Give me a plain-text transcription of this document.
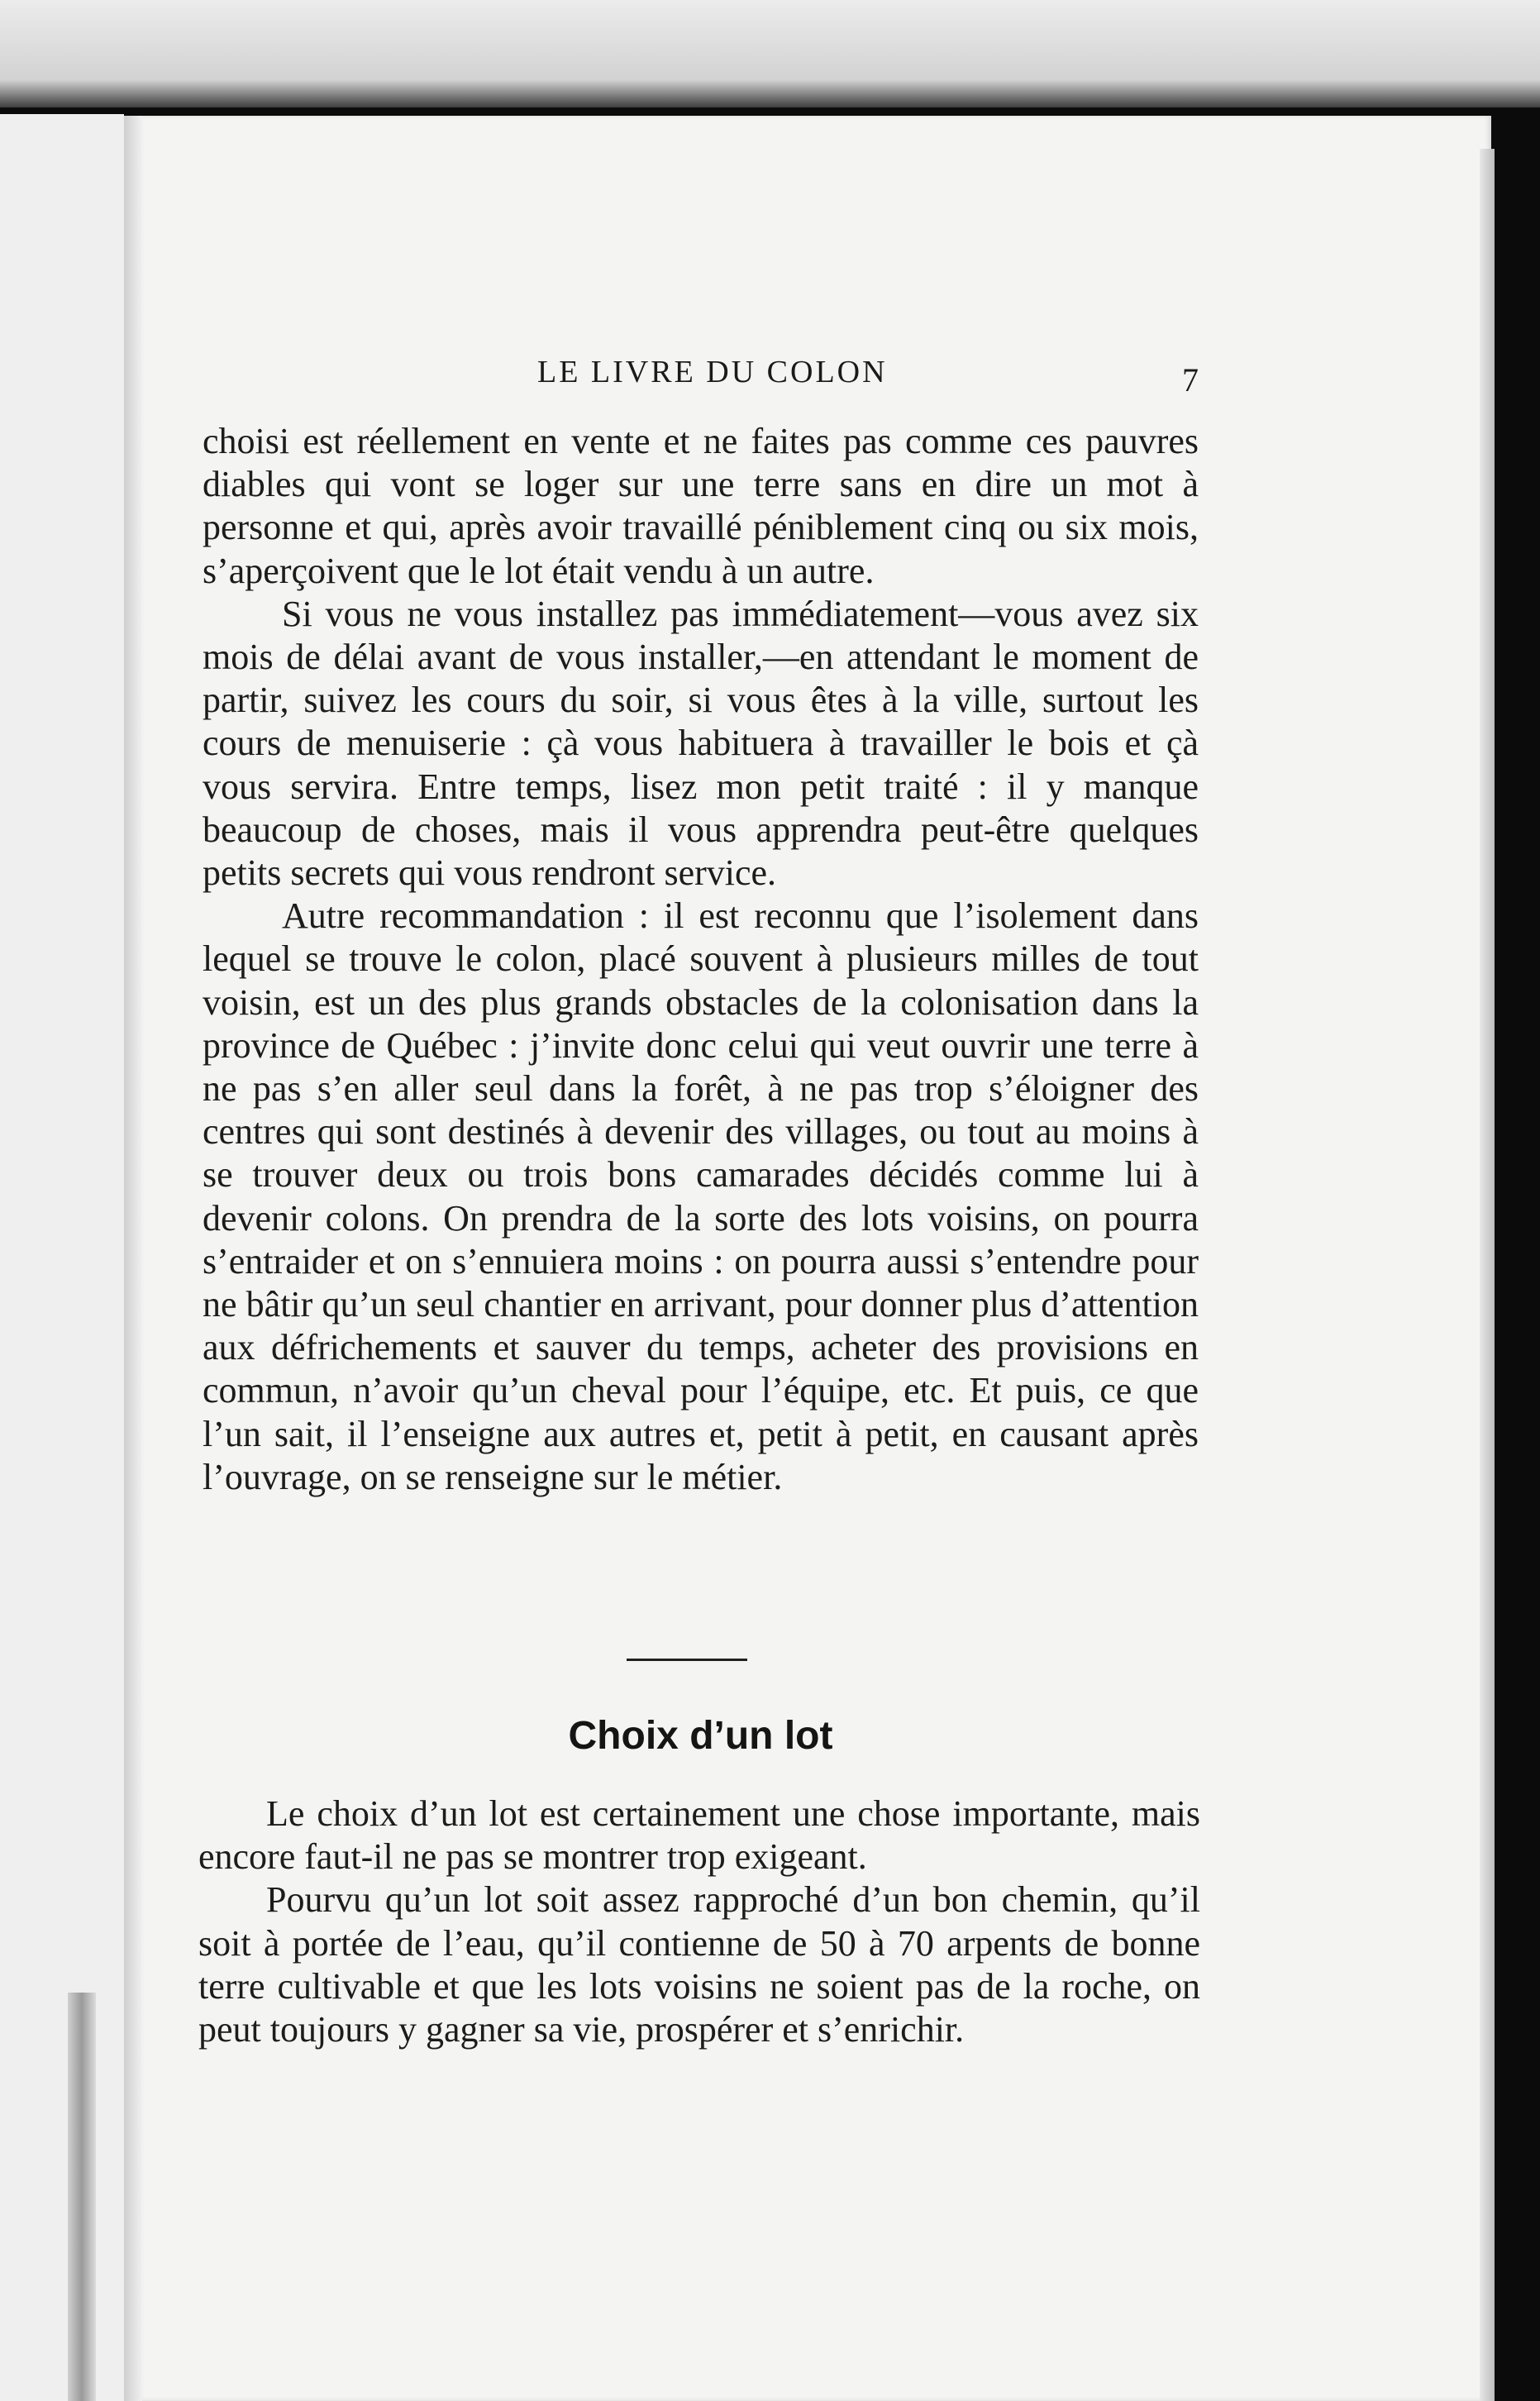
LE LIVRE DU COLON	7

choisi est réellement en vente et ne faites pas comme ces pauvres diables qui vont se loger sur une terre sans en dire un mot à personne et qui, après avoir travaillé péniblement cinq ou six mois, s’aperçoivent que le lot était vendu à un autre.

Si vous ne vous installez pas immédiatement—vous avez six mois de délai avant de vous installer,—en attendant le moment de partir, suivez les cours du soir, si vous êtes à la ville, surtout les cours de menuiserie : çà vous habituera à travailler le bois et çà vous servira. Entre temps, lisez mon petit traité : il y manque beaucoup de choses, mais il vous apprendra peut-être quelques petits secrets qui vous rendront service.

Autre recommandation : il est reconnu que l’isolement dans lequel se trouve le colon, placé souvent à plusieurs milles de tout voisin, est un des plus grands obstacles de la colonisation dans la province de Québec : j’invite donc celui qui veut ouvrir une terre à ne pas s’en aller seul dans la forêt, à ne pas trop s’éloigner des centres qui sont destinés à devenir des villages, ou tout au moins à se trouver deux ou trois bons camarades décidés comme lui à devenir colons. On prendra de la sorte des lots voisins, on pourra s’entraider et on s’ennuiera moins : on pourra aussi s’entendre pour ne bâtir qu’un seul chantier en arrivant, pour donner plus d’attention aux défrichements et sauver du temps, acheter des provisions en commun, n’avoir qu’un cheval pour l’équipe, etc. Et puis, ce que l’un sait, il l’enseigne aux autres et, petit à petit, en causant après l’ouvrage, on se renseigne sur le métier.

Choix d’un lot

Le choix d’un lot est certainement une chose importante, mais encore faut-il ne pas se montrer trop exigeant.

Pourvu qu’un lot soit assez rapproché d’un bon chemin, qu’il soit à portée de l’eau, qu’il contienne de 50 à 70 arpents de bonne terre cultivable et que les lots voisins ne soient pas de la roche, on peut toujours y gagner sa vie, prospérer et s’enrichir.
